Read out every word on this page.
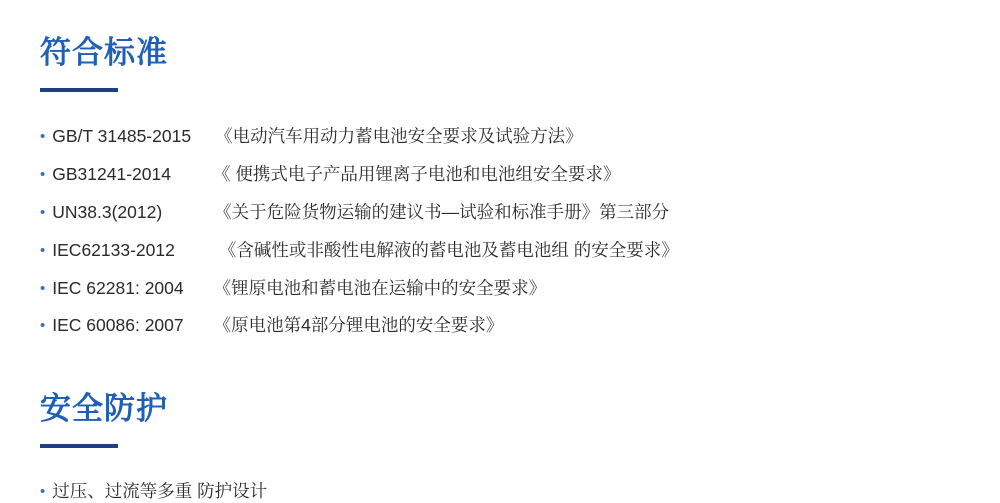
符合标准
• GB/T 31485-2015 《电动汽车用动力蓄电池安全要求及试验方法》
• GB31241-2014 《 便携式电子产品用锂离子电池和电池组安全要求》
• UN38.3(2012)	《关于危险货物运输的建议书—试验和标准手册》第三部分
• IEC62133-2012	《含碱性或非酸性电解液的蓄电池及蓄电池组 的安全要求》
• IEC 62281: 2004 《锂原电池和蓄电池在运输中的安全要求》
• IEC 60086: 2007 《原电池第4部分锂电池的安全要求》
安全防护
• 过压、过流等多重 防护设计
